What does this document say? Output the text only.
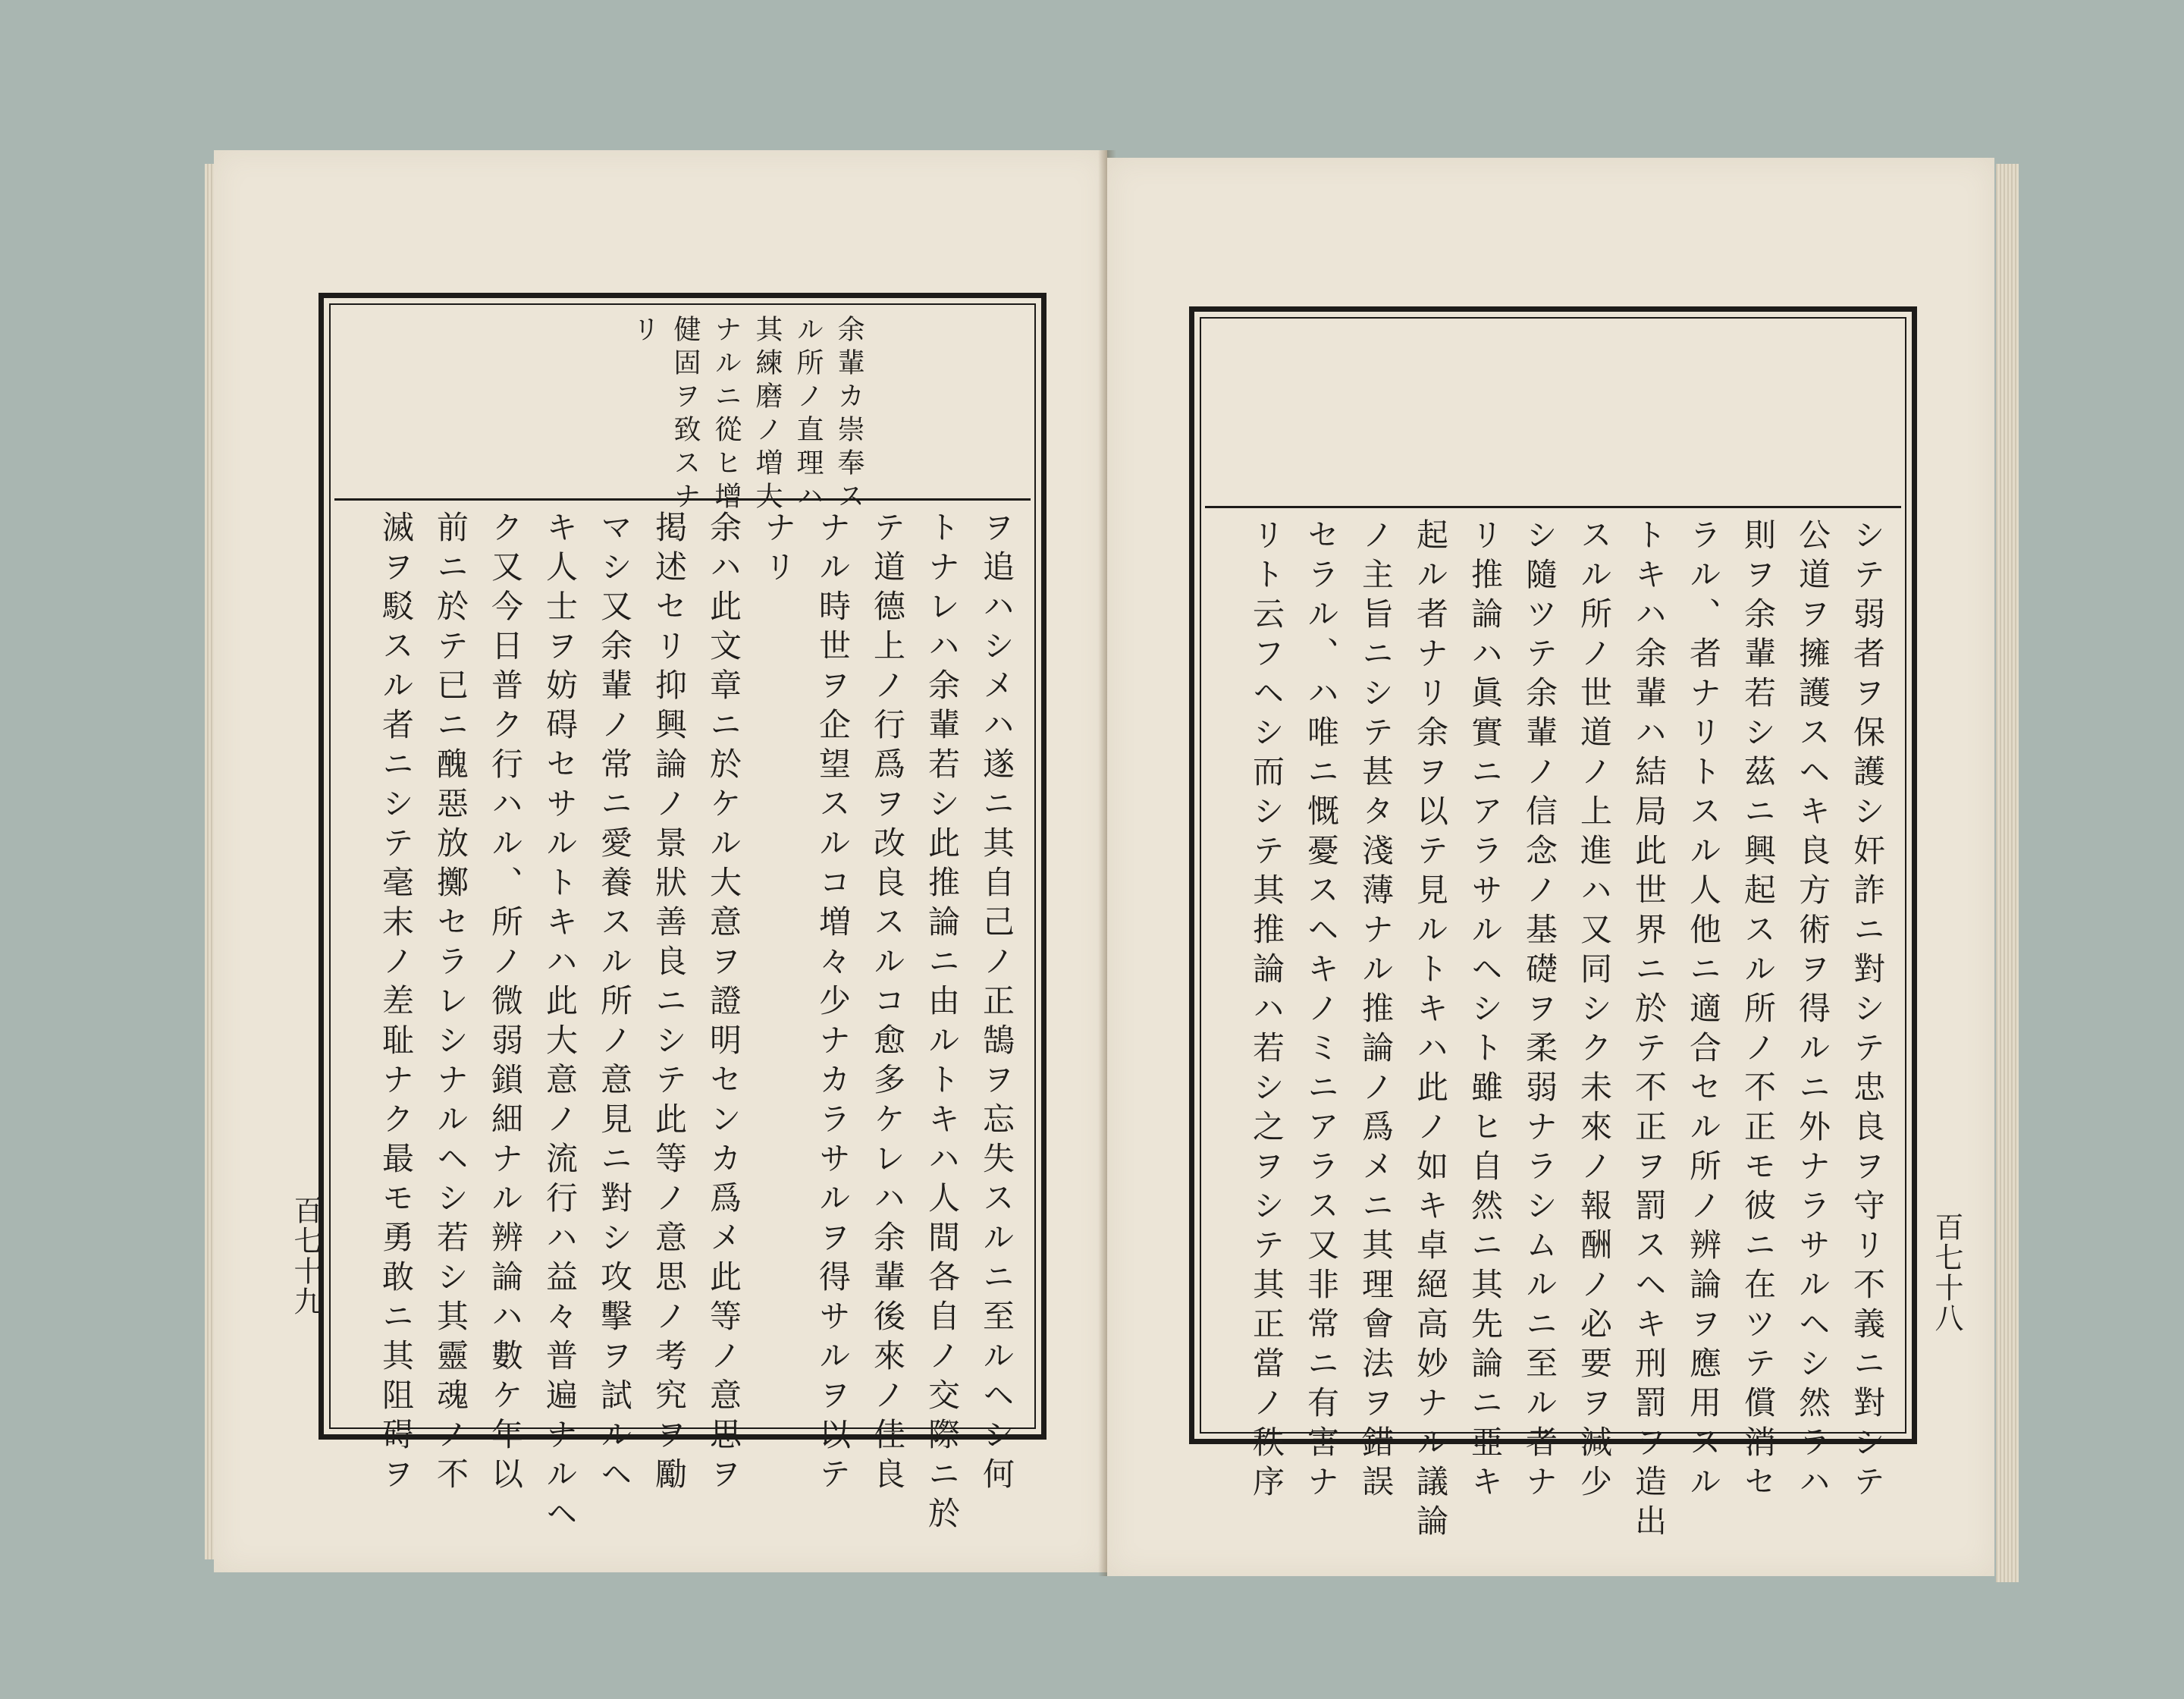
余輩カ崇奉ス
ル所ノ直理ハ
其練磨ノ増大
ナルニ從ヒ增
健固ヲ致スナ
リ
ヲ追ハシメハ遂ニ其自己ノ正鵠ヲ忘失スルニ至ルヘシ何
トナレハ余輩若シ此推論ニ由ルトキハ人間各自ノ交際ニ於
テ道德上ノ行爲ヲ改良スルコ愈多ケレハ余輩後來ノ佳良
ナル時世ヲ企望スルコ増々少ナカラサルヲ得サルヲ以テ
ナリ
余ハ此文章ニ於ケル大意ヲ證明センカ爲メ此等ノ意思ヲ
掲述セリ抑興論ノ景狀善良ニシテ此等ノ意思ノ考究ヲ勵
マシ又余輩ノ常ニ愛養スル所ノ意見ニ對シ攻擊ヲ試ルヘ
キ人士ヲ妨碍セサルトキハ此大意ノ流行ハ益々普遍ナルヘ
ク又今日普ク行ハル、所ノ微弱鎖細ナル辨論ハ數ケ年以
前ニ於テ已ニ醜惡放擲セラレシナルヘシ若シ其靈魂ノ不
滅ヲ駁スル者ニシテ毫末ノ差耻ナク最モ勇敢ニ其阻碍ヲ
百七十九	シテ弱者ヲ保護シ奸詐ニ對シテ忠良ヲ守リ不義ニ對シテ
公道ヲ擁護スヘキ良方術ヲ得ルニ外ナラサルヘシ然ラハ
則ヲ余輩若シ茲ニ興起スル所ノ不正モ彼ニ在ツテ償消セ
ラル、者ナリトスル人他ニ適合セル所ノ辨論ヲ應用スル
トキハ余輩ハ結局此世界ニ於テ不正ヲ罰スヘキ刑罰ヲ造出
スル所ノ世道ノ上進ハ又同シク未來ノ報酬ノ必要ヲ減少
シ隨ツテ余輩ノ信念ノ基礎ヲ柔弱ナラシムルニ至ル者ナ
リ推論ハ眞實ニアラサルヘシト雖ヒ自然ニ其先論ニ亞キ
起ル者ナリ余ヲ以テ見ルトキハ此ノ如キ卓絕高妙ナル議論
ノ主旨ニシテ甚タ淺薄ナル推論ノ爲メニ其理會法ヲ錯誤
セラル、ハ唯ニ慨憂スヘキノミニアラス又非常ニ有害ナ
リト云フヘシ而シテ其推論ハ若シ之ヲシテ其正當ノ秩序	百七十八
